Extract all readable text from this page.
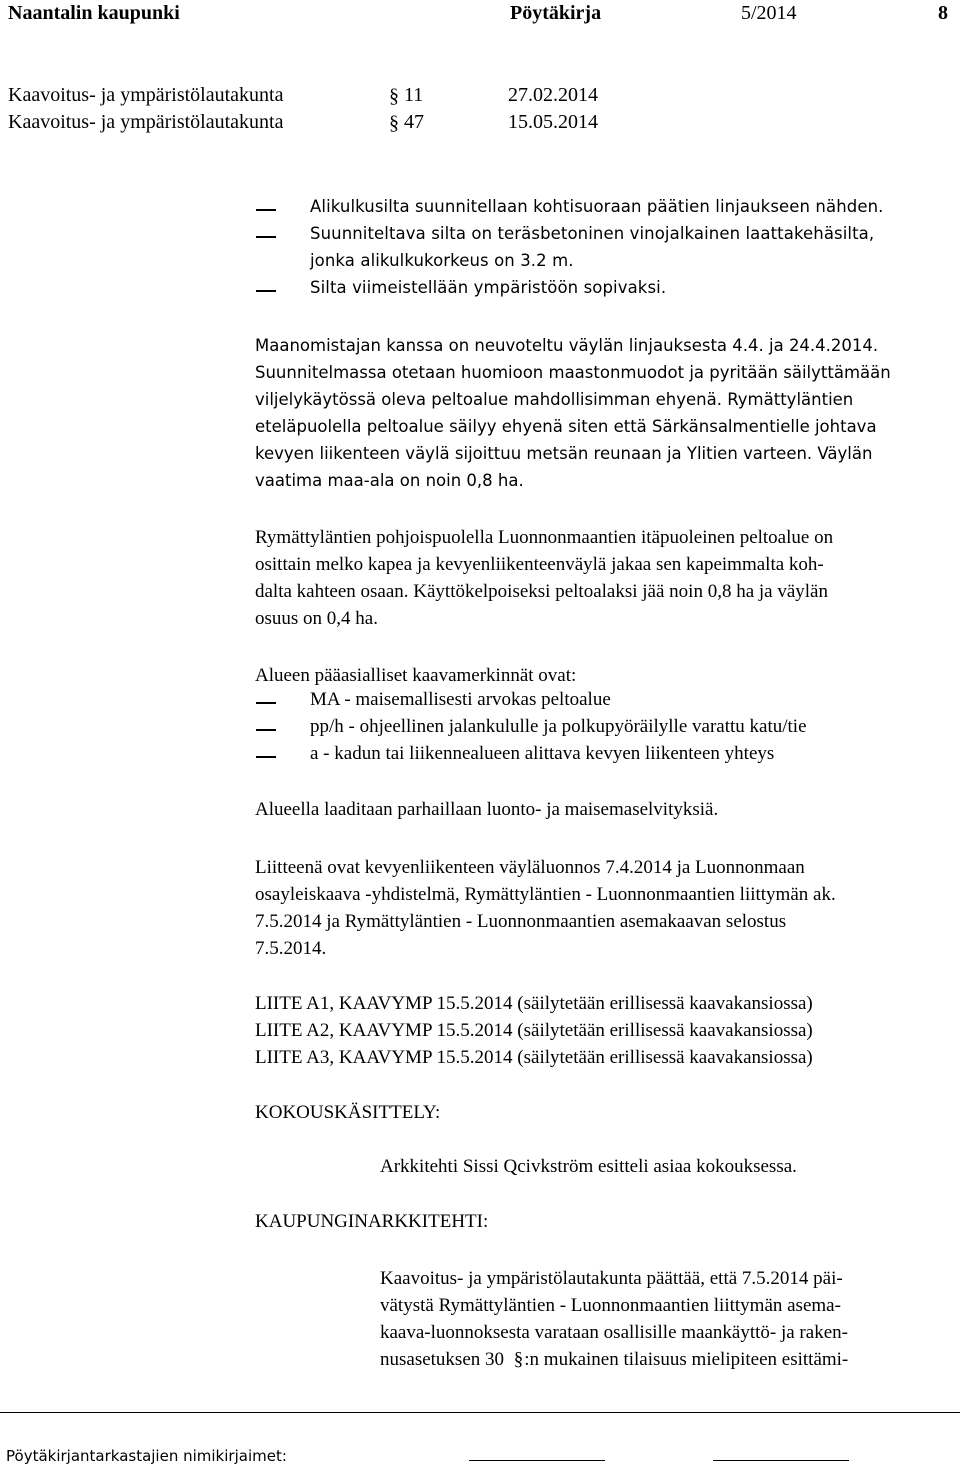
Naantalin kaupunki	Pöytäkirja	5/2014	8
Kaavoitus- ja ympäristölautakunta	§ 11	27.02.2014
Kaavoitus- ja ympäristölautakunta	§ 47	15.05.2014
Alikulkusilta suunnitellaan kohtisuoraan päätien linjaukseen nähden.
Suunniteltava silta on teräsbetoninen vinojalkainen laattakehäsilta,
jonka alikulkukorkeus on 3.2 m.
Silta viimeistellään ympäristöön sopivaksi.
Maanomistajan kanssa on neuvoteltu väylän linjauksesta 4.4. ja 24.4.2014.
Suunnitelmassa otetaan huomioon maastonmuodot ja pyritään säilyttämään
viljelykäytössä oleva peltoalue mahdollisimman ehyenä. Rymättyläntien
eteläpuolella peltoalue säilyy ehyenä siten että Särkänsalmentielle johtava
kevyen liikenteen väylä sijoittuu metsän reunaan ja Ylitien varteen. Väylän
vaatima maa-ala on noin 0,8 ha.
Rymättyläntien pohjoispuolella Luonnonmaantien itäpuoleinen peltoalue on
osittain melko kapea ja kevyenliikenteenväylä jakaa sen kapeimmalta koh-
dalta kahteen osaan. Käyttökelpoiseksi peltoalaksi jää noin 0,8 ha ja väylän
osuus on 0,4 ha.
Alueen pääasialliset kaavamerkinnät ovat:
MA - maisemallisesti arvokas peltoalue
pp/h - ohjeellinen jalankululle ja polkupyöräilylle varattu katu/tie
a - kadun tai liikennealueen alittava kevyen liikenteen yhteys
Alueella laaditaan parhaillaan luonto- ja maisemaselvityksiä.
Liitteenä ovat kevyenliikenteen väyläluonnos 7.4.2014 ja Luonnonmaan
osayleiskaava -yhdistelmä, Rymättyläntien - Luonnonmaantien liittymän ak.
7.5.2014 ja Rymättyläntien - Luonnonmaantien asemakaavan selostus
7.5.2014.
LIITE A1, KAAVYMP 15.5.2014 (säilytetään erillisessä kaavakansiossa)
LIITE A2, KAAVYMP 15.5.2014 (säilytetään erillisessä kaavakansiossa)
LIITE A3, KAAVYMP 15.5.2014 (säilytetään erillisessä kaavakansiossa)
KOKOUSKÄSITTELY:
Arkkitehti Sissi Qcivkström esitteli asiaa kokouksessa.
KAUPUNGINARKKITEHTI:
Kaavoitus- ja ympäristölautakunta päättää, että 7.5.2014 päi-
vätystä Rymättyläntien - Luonnonmaantien liittymän asema-
kaava-luonnoksesta varataan osallisille maankäyttö- ja raken-
nusasetuksen 30 §:n mukainen tilaisuus mielipiteen esittämi-
Pöytäkirjantarkastajien nimikirjaimet:
